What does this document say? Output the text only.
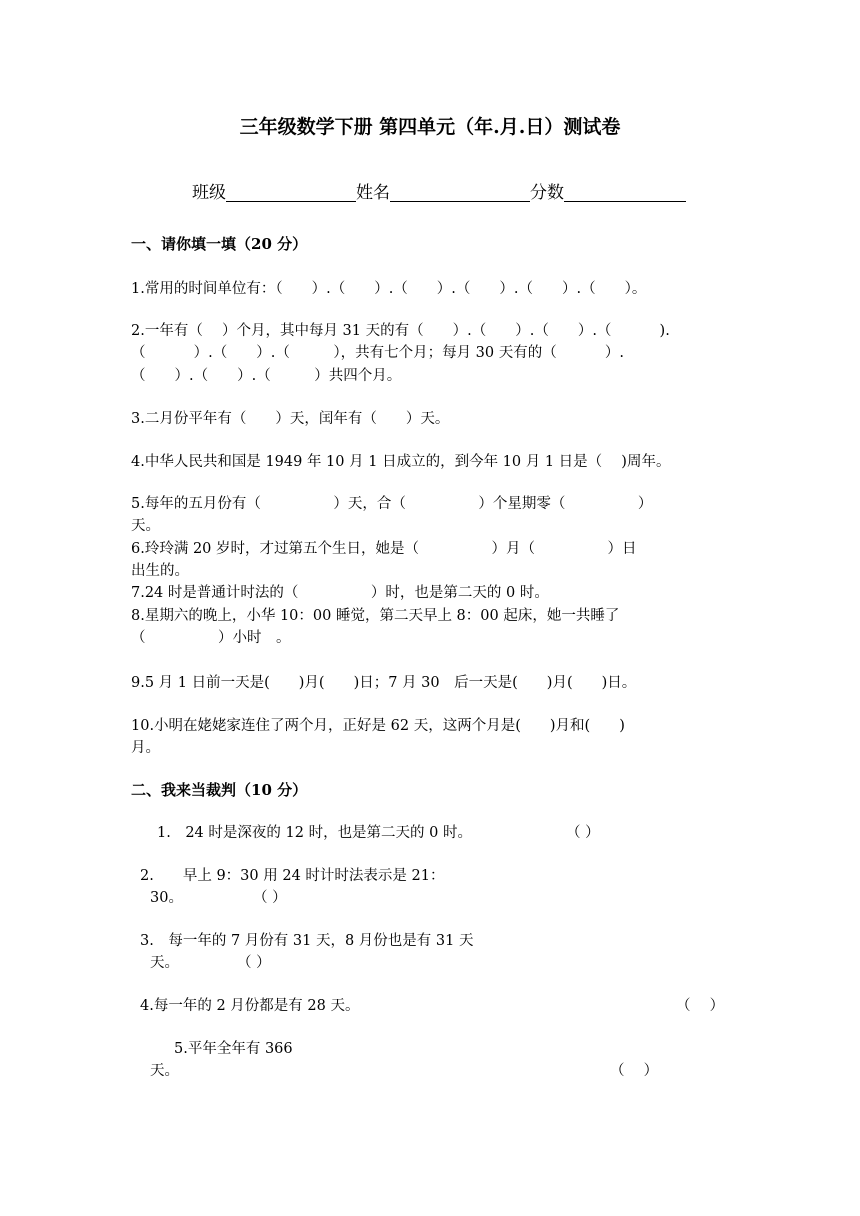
三年级数学下册 第四单元（年.月.日）测试卷
班级	姓名	分数
一、请你填一填（20 分）
1.常用的时间单位有：（　　）.（　　）.（　　）.（　　）.（　　）.（　　）。
2.一年有（　 ）个月，其中每月 31 天的有（　　）.（　　）.（　　）.（　　　 ).
（　　　 ）.（　　）.（　　　），共有七个月；每月 30 天有的（　　　 ）.
（　　）.（　　）.（　　　）共四个月。
3.二月份平年有（　　）天，闰年有（　　）天。
4.中华人民共和国是 1949 年 10 月 1 日成立的，到今年 10 月 1 日是（　 )周年。
5.每年的五月份有（　　　　　）天，合（　　　　　）个星期零（　　　　　）
天。
6.玲玲满 20 岁时，才过第五个生日，她是（　　　　　）月（　　　　　）日
出生的。
7.24 时是普通计时法的（　　　　　）时，也是第二天的 0 时。
8.星期六的晚上，小华 10：00 睡觉，第二天早上 8：00 起床，她一共睡了
（　　　　　）小时　。
9.5 月 1 日前一天是(　　)月(　　)日；7 月 30　后一天是(　　)月(　　)日。
10.小明在姥姥家连住了两个月，正好是 62 天，这两个月是(　　)月和(　　)
月。
二、我来当裁判（10 分）
1.　24 时是深夜的 12 时，也是第二天的 0 时。	（ ）
2.　　早上 9：30 用 24 时计时法表示是 21：
30。	（ ）
3.　每一年的 7 月份有 31 天，8 月份也是有 31 天
天。	（ ）
4.每一年的 2 月份都是有 28 天。	（　 ）
5.平年全年有 366
天。	（　 ）
